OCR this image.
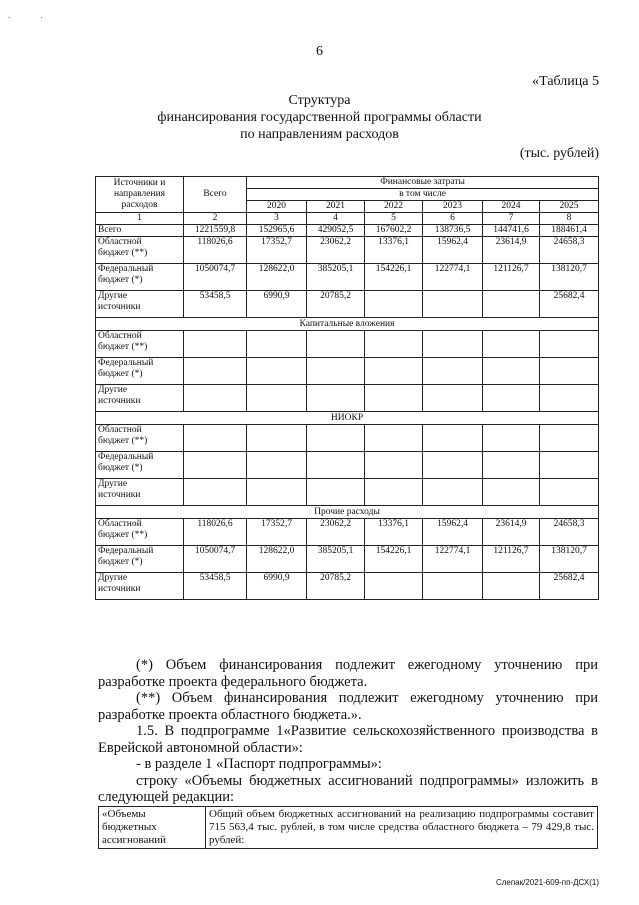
. .
6
«Таблица 5
Структура
финансирования государственной программы области
по направлениям расходов
(тыс. рублей)
Источники и
направления
расходов	Всего	Финансовые затраты					
		в том числе					
		2020	2021	2022	2023	2024	2025
1	2	3	4	5	6	7	8
Всего	1221559,8	152965,6	429052,5	167602,2	138736,5	144741,6	188461,4

Областной
бюджет (**)	118026,6	17352,7	23062,2	13376,1	15962,4	23614,9	24658,3

Федеральный
бюджет (*)	1050074,7	128622,0	385205,1	154226,1	122774,1	121126,7	138120,7

Другие
источники	53458,5	6990,9	20785,2				25682,4
Капитальные вложения							

Областной
бюджет (**)							

Федеральный
бюджет (*)							

Другие
источники							

НИОКР							

Областной
бюджет (**)							

Федеральный
бюджет (*)							

Другие
источники							

Прочие расходы							

Областной
бюджет (**)	118026,6	17352,7	23062,2	13376,1	15962,4	23614,9	24658,3

Федеральный
бюджет (*)	1050074,7	128622,0	385205,1	154226,1	122774,1	121126,7	138120,7

Другие
источники	53458,5	6990,9	20785,2				25682,4

(*) Объем финансирования подлежит ежегодному уточнению при разработке проекта федерального бюджета.

(**) Объем финансирования подлежит ежегодному уточнению при разработке проекта областного бюджета.».

1.5. В подпрограмме 1«Развитие сельскохозяйственного производства в Еврейской автономной области»:

- в разделе 1 «Паспорт подпрограммы»:

строку «Объемы бюджетных ассигнований подпрограммы» изложить в следующей редакции:

«Объемы
бюджетных
ассигнований
	Общий объем бюджетных ассигнований на реализацию подпрограммы составит 715 563,4 тыс. рублей, в том числе средства областного бюджета – 79 429,8 тыс. рублей:
Слепак/2021-609-пп-ДСХ(1)
